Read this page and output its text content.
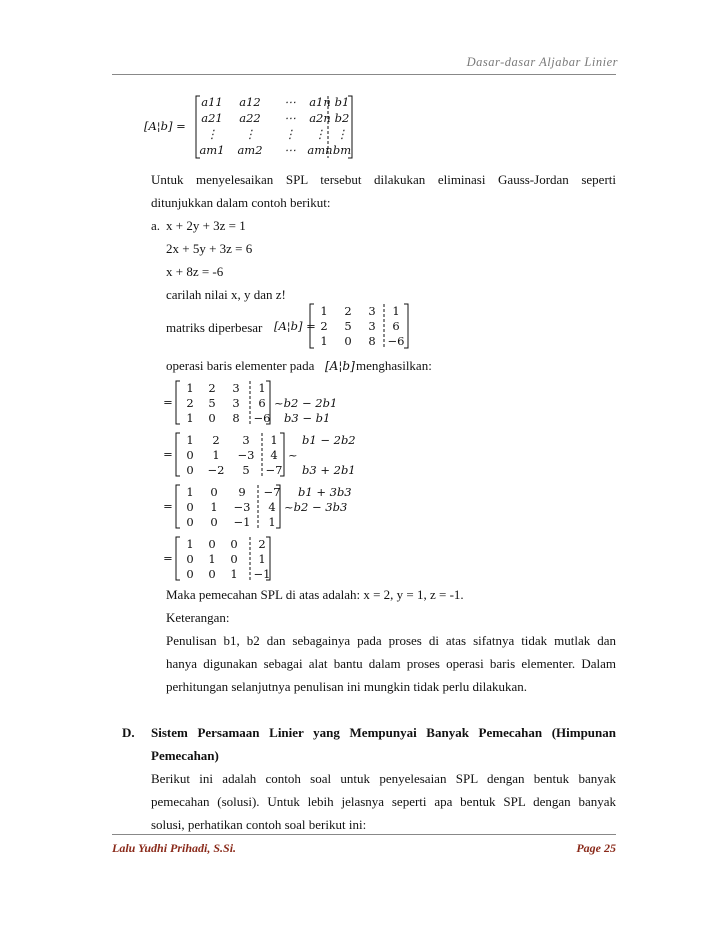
Dasar-dasar Aljabar Linier
[A¦b] =
a11 a12 ⋯ a1n b1
a21 a22 ⋯ a2n b2
⋮ ⋮ ⋮ ⋮ ⋮
am1 am2 ⋯ amn bm
Untuk menyelesaikan SPL tersebut dilakukan eliminasi Gauss-Jordan seperti
ditunjukkan dalam contoh berikut:
a. x + 2y + 3z = 1
2x + 5y + 3z = 6
x + 8z = -6
carilah nilai x, y dan z!
matriks diperbesar [A¦b] =
1 2 3 1
2 5 3 6
1 0 8 −6
operasi baris elementer pada [A¦b] menghasilkan:
=
1 2 3 1
2 5 3 6
1 0 8 −6
~b2 − 2b1
b3 − b1
=
1 2 3 1
0 1 −3 4
0 −2 5 −7
b1 − 2b2
~
b3 + 2b1
=
1 0 9 −7
0 1 −3 4
0 0 −1 1
b1 + 3b3
~b2 − 3b3
=
1 0 0 2
0 1 0 1
0 0 1 −1
Maka pemecahan SPL di atas adalah: x = 2, y = 1, z = -1.
Keterangan:
Penulisan b1, b2 dan sebagainya pada proses di atas sifatnya tidak mutlak dan
hanya digunakan sebagai alat bantu dalam proses operasi baris elementer. Dalam
perhitungan selanjutnya penulisan ini mungkin tidak perlu dilakukan.
D. Sistem Persamaan Linier yang Mempunyai Banyak Pemecahan (Himpunan
Pemecahan)
Berikut ini adalah contoh soal untuk penyelesaian SPL dengan bentuk banyak
pemecahan (solusi). Untuk lebih jelasnya seperti apa bentuk SPL dengan banyak
solusi, perhatikan contoh soal berikut ini:
Lalu Yudhi Prihadi, S.Si.	Page 25
